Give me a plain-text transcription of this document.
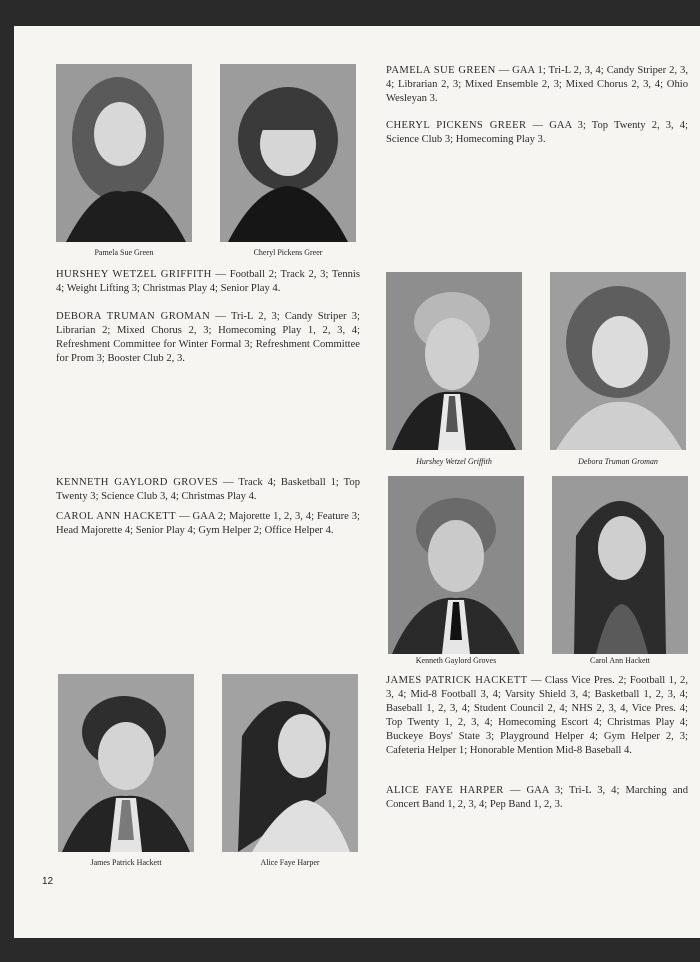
Pamela Sue Green	Cheryl Pickens Greer
PAMELA SUE GREEN — GAA 1; Tri-L 2, 3, 4; Candy Striper 2, 3, 4; Librarian 2, 3; Mixed Ensemble 2, 3; Mixed Chorus 2, 3, 4; Ohio Wesleyan 3.
CHERYL PICKENS GREER — GAA 3; Top Twenty 2, 3, 4; Science Club 3; Homecoming Play 3.
HURSHEY WETZEL GRIFFITH — Football 2; Track 2, 3; Tennis 4; Weight Lifting 3; Christmas Play 4; Senior Play 4.
DEBORA TRUMAN GROMAN — Tri-L 2, 3; Candy Striper 3; Librarian 2; Mixed Chorus 2, 3; Homecoming Play 1, 2, 3, 4; Refreshment Committee for Winter Formal 3; Refreshment Committee for Prom 3; Booster Club 2, 3.
Hurshey Wetzel Griffith	Debora Truman Groman
KENNETH GAYLORD GROVES — Track 4; Basketball 1; Top Twenty 3; Science Club 3, 4; Christmas Play 4.
CAROL ANN HACKETT — GAA 2; Majorette 1, 2, 3, 4; Feature 3; Head Majorette 4; Senior Play 4; Gym Helper 2; Office Helper 4.
Kenneth Gaylord Groves	Carol Ann Hackett
James Patrick Hackett	Alice Faye Harper
JAMES PATRICK HACKETT — Class Vice Pres. 2; Football 1, 2, 3, 4; Mid-8 Football 3, 4; Varsity Shield 3, 4; Basketball 1, 2, 3, 4; Baseball 1, 2, 3, 4; Student Council 2, 4; NHS 2, 3, 4, Vice Pres. 4; Top Twenty 1, 2, 3, 4; Homecoming Escort 4; Christmas Play 4; Buckeye Boys' State 3; Playground Helper 4; Gym Helper 2, 3; Cafeteria Helper 1; Honorable Mention Mid-8 Baseball 4.
ALICE FAYE HARPER — GAA 3; Tri-L 3, 4; Marching and Concert Band 1, 2, 3, 4; Pep Band 1, 2, 3.
12
